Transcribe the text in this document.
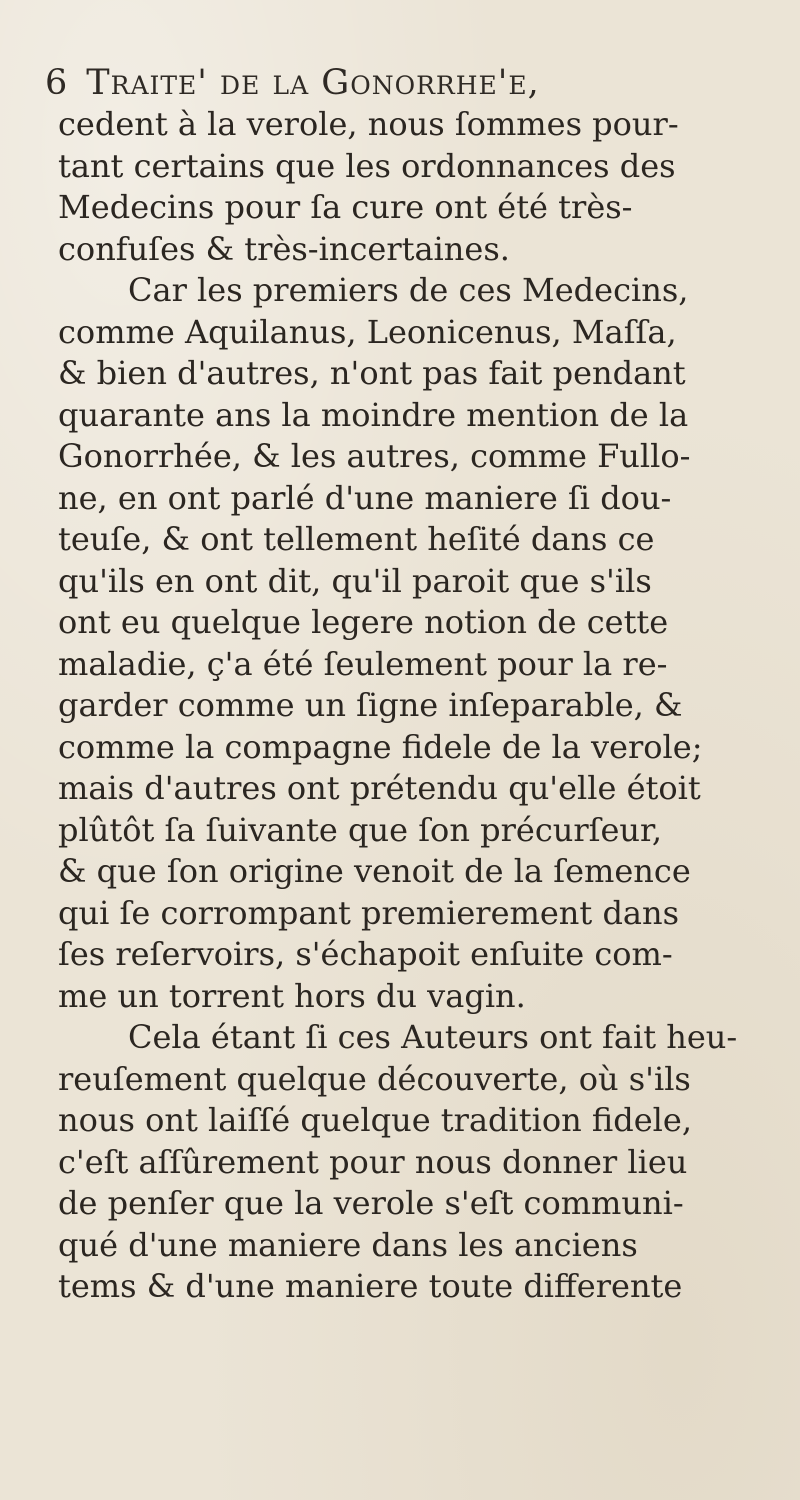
6 Traite' de la Gonorrhe'e,
cedent à la verole, nous ſommes pour-
tant certains que les ordonnances des
Medecins pour ſa cure ont été très-
confuſes & très-incertaines.
Car les premiers de ces Medecins,
comme Aquilanus, Leonicenus, Maſſa,
& bien d'autres, n'ont pas fait pendant
quarante ans la moindre mention de la
Gonorrhée, & les autres, comme Fullo-
ne, en ont parlé d'une maniere ſi dou-
teuſe, & ont tellement heſité dans ce
qu'ils en ont dit, qu'il paroit que s'ils
ont eu quelque legere notion de cette
maladie, ç'a été ſeulement pour la re-
garder comme un ſigne inſeparable, &
comme la compagne fidele de la verole;
mais d'autres ont prétendu qu'elle étoit
plûtôt ſa ſuivante que ſon précurſeur,
& que ſon origine venoit de la ſemence
qui ſe corrompant premierement dans
ſes reſervoirs, s'échapoit enſuite com-
me un torrent hors du vagin.
Cela étant ſi ces Auteurs ont fait heu-
reuſement quelque découverte, où s'ils
nous ont laiſſé quelque tradition fidele,
c'eſt aſſûrement pour nous donner lieu
de penſer que la verole s'eſt communi-
qué d'une maniere dans les anciens
tems & d'une maniere toute differente
